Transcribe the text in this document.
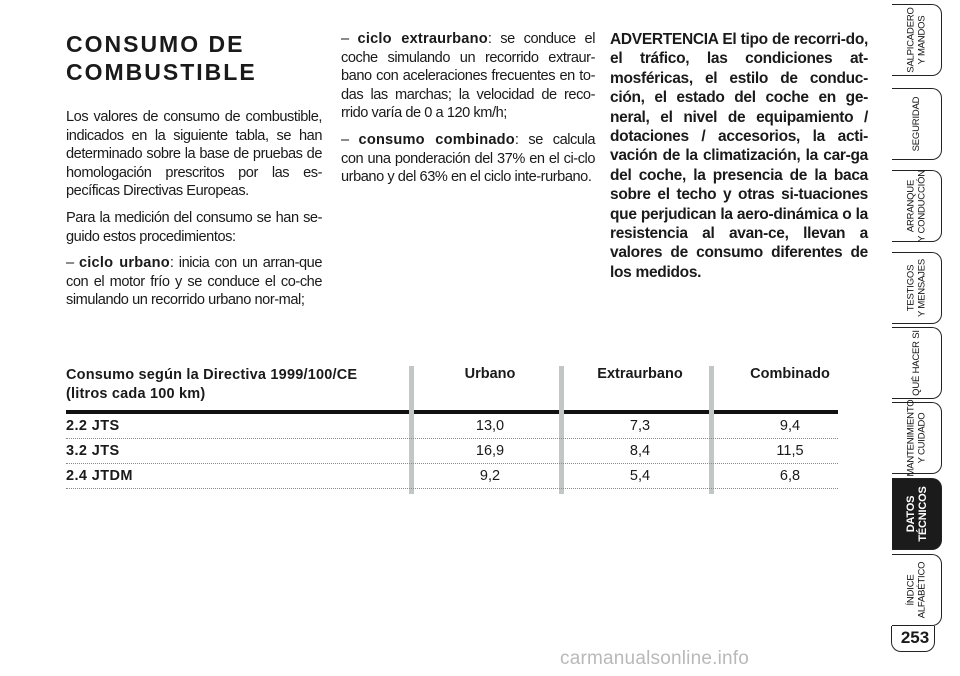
CONSUMO DE
COMBUSTIBLE

Los valores de consumo de combustible, indicados en la siguiente tabla, se han determinado sobre la base de pruebas de homologación prescritos por las es-pecíficas Directivas Europeas.

Para la medición del consumo se han se-guido estos procedimientos:

– ciclo urbano: inicia con un arran-que con el motor frío y se conduce el co-che simulando un recorrido urbano nor-mal;

– ciclo extraurbano: se conduce el coche simulando un recorrido extraur-bano con aceleraciones frecuentes en to-das las marchas; la velocidad de reco-rrido varía de 0 a 120 km/h;

– consumo combinado: se calcula con una ponderación del 37% en el ci-clo urbano y del 63% en el ciclo inte-rurbano.

ADVERTENCIA El tipo de recorri-do, el tráfico, las condiciones at-mosféricas, el estilo de conduc-ción, el estado del coche en ge-neral, el nivel de equipamiento / dotaciones / accesorios, la acti-vación de la climatización, la car-ga del coche, la presencia de la baca sobre el techo y otras si-tuaciones que perjudican la aero-dinámica o la resistencia al avan-ce, llevan a valores de consumo diferentes de los medidos.

Consumo según la Directiva 1999/100/CE
(litros cada 100 km)
Urbano	Extraurbano	Combinado
2.2 JTS	13,0	7,3	9,4
3.2 JTS	16,9	8,4	11,5
2.4 JTDM	9,2	5,4	6,8
SALPICADERO Y MANDOS
SEGURIDAD
ARRANQUE Y CONDUCCIÓN
TESTIGOS Y MENSAJES
QUÉ HACER SI
MANTENIMIENTO Y CUIDADO
DATOS TÉCNICOS
ÍNDICE ALFABÉTICO
253
carmanualsonline.info
